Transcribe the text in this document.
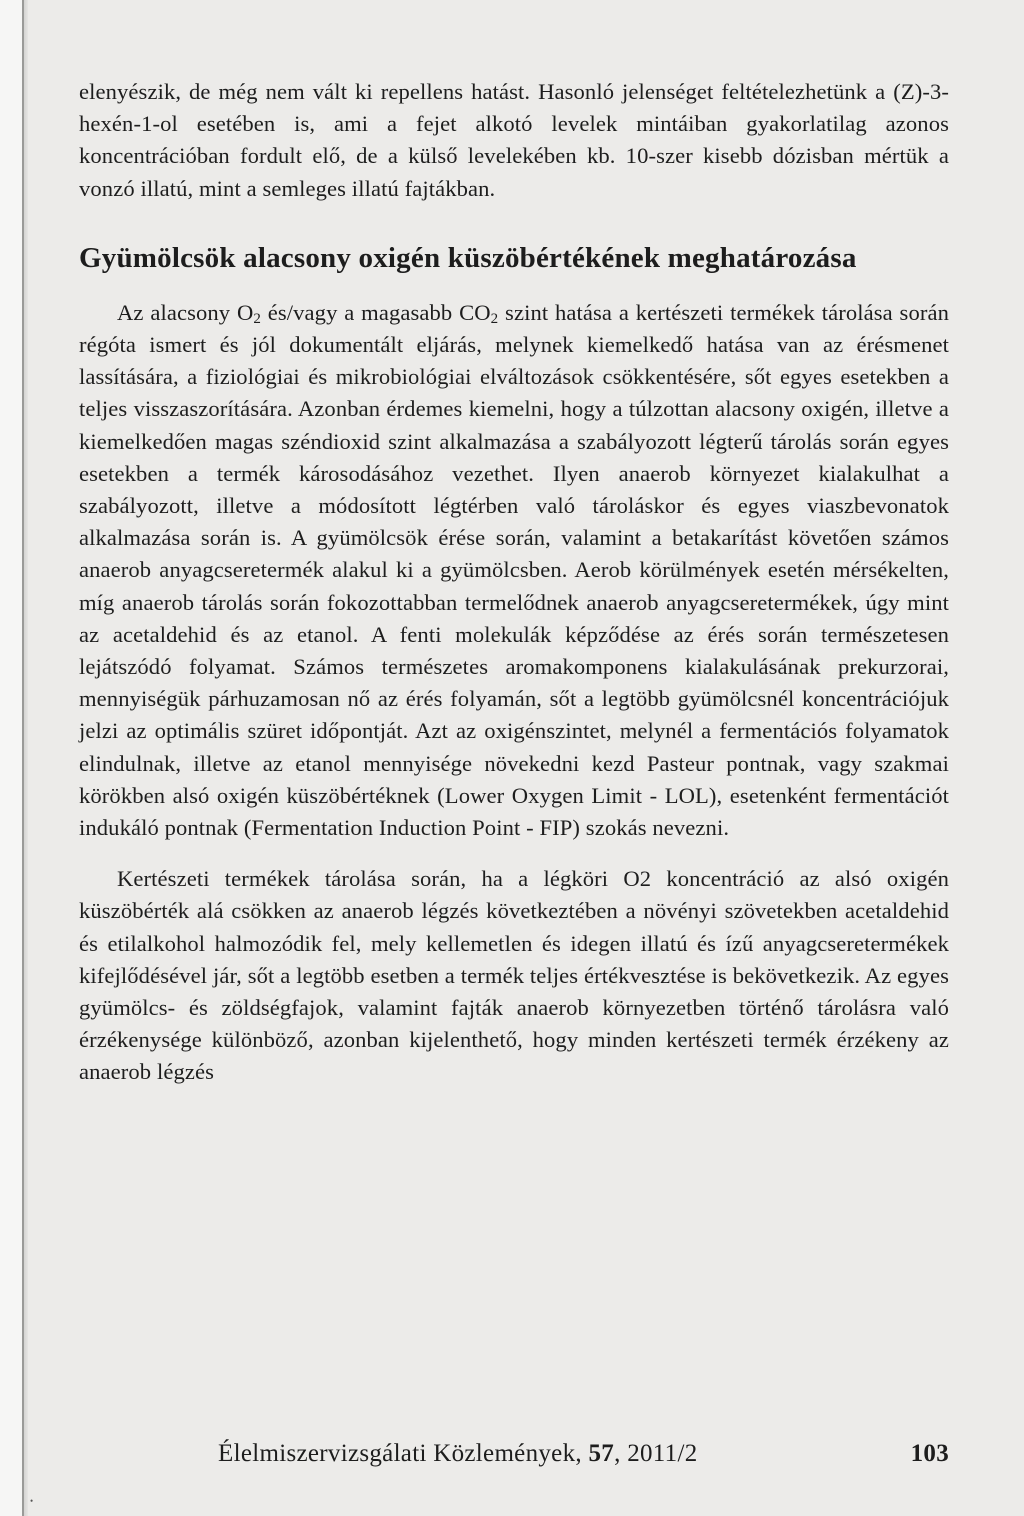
elenyészik, de még nem vált ki repellens hatást. Hasonló jelenséget feltételezhetünk a (Z)-3-hexén-1-ol esetében is, ami a fejet alkotó levelek mintáiban gyakorlatilag azonos koncentrációban fordult elő, de a külső levelekében kb. 10-szer kisebb dózisban mértük a vonzó illatú, mint a semleges illatú fajtákban.

Gyümölcsök alacsony oxigén küszöbértékének meghatározása

Az alacsony $O_2$ és/vagy a magasabb $CO_2$ szint hatása a kertészeti termékek tárolása során régóta ismert és jól dokumentált eljárás, melynek kiemelkedő hatása van az érésmenet lassítására, a fiziológiai és mikrobiológiai elváltozások csökkentésére, sőt egyes esetekben a teljes visszaszorítására. Azonban érdemes kiemelni, hogy a túlzottan alacsony oxigén, illetve a kiemelkedően magas széndioxid szint alkalmazása a szabályozott légterű tárolás során egyes esetekben a termék károsodásához vezethet. Ilyen anaerob környezet kialakulhat a szabályozott, illetve a módosított légtérben való tároláskor és egyes viaszbevonatok alkalmazása során is. A gyümölcsök érése során, valamint a betakarítást követően számos anaerob anyagcseretermék alakul ki a gyümölcsben. Aerob körülmények esetén mérsékelten, míg anaerob tárolás során fokozottabban termelődnek anaerob anyagcseretermékek, úgy mint az acetaldehid és az etanol. A fenti molekulák képződése az érés során természetesen lejátszódó folyamat. Számos természetes aromakomponens kialakulásának prekurzorai, mennyiségük párhuzamosan nő az érés folyamán, sőt a legtöbb gyümölcsnél koncentrációjuk jelzi az optimális szüret időpontját. Azt az oxigénszintet, melynél a fermentációs folyamatok elindulnak, illetve az etanol mennyisége növekedni kezd Pasteur pontnak, vagy szakmai körökben alsó oxigén küszöbértéknek (Lower Oxygen Limit - LOL), esetenként fermentációt indukáló pontnak (Fermentation Induction Point - FIP) szokás nevezni.

Kertészeti termékek tárolása során, ha a légköri O2 koncentráció az alsó oxigén küszöbérték alá csökken az anaerob légzés következtében a növényi szövetekben acetaldehid és etilalkohol halmozódik fel, mely kellemetlen és idegen illatú és ízű anyagcseretermékek kifejlődésével jár, sőt a legtöbb esetben a termék teljes értékvesztése is bekövetkezik. Az egyes gyümölcs- és zöldségfajok, valamint fajták anaerob környezetben történő tárolásra való érzékenysége különböző, azonban kijelenthető, hogy minden kertészeti termék érzékeny az anaerob légzés

Élelmiszervizsgálati Közlemények, 57, 2011/2	103
•
